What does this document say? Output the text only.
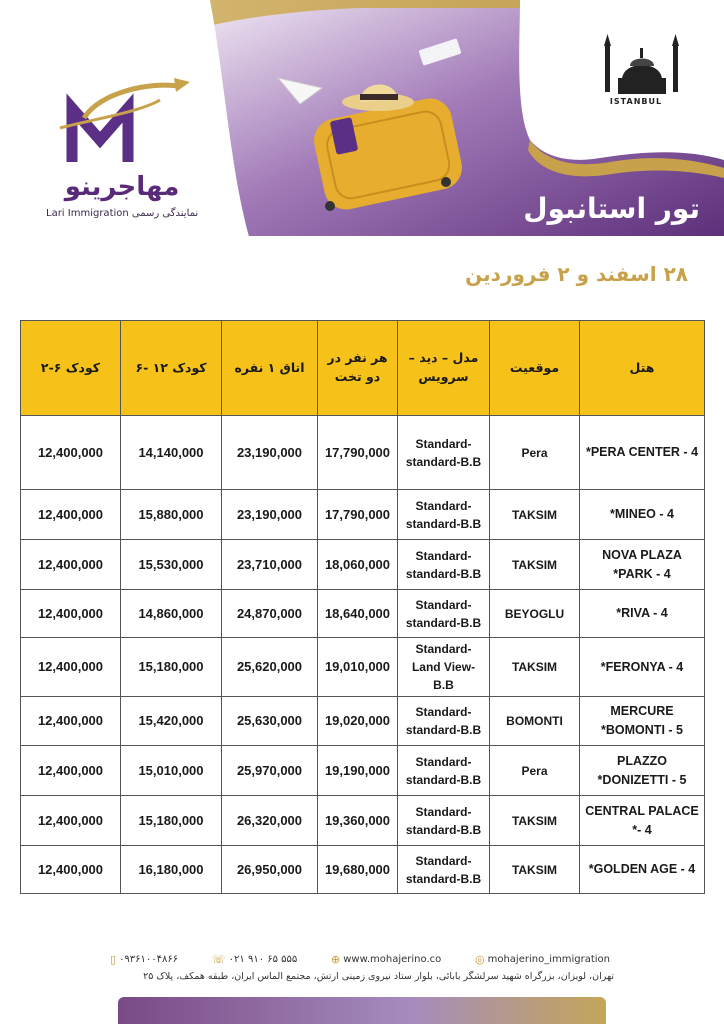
مهاجرینو
Lari Immigration نمایندگی رسمی
ISTANBUL
تور استانبول
۲۸ اسفند و ۲ فروردین
هتل	موقعیت	مدل – دید – سرویس	هر نفر در دو تخت	اتاق ۱ نفره	کودک ۱۲ -۶	کودک ۶-۲
PERA CENTER - 4*	Pera	Standard-standard-B.B	17,790,000	23,190,000	14,140,000	12,400,000
MINEO - 4*	TAKSIM	Standard-standard-B.B	17,790,000	23,190,000	15,880,000	12,400,000
NOVA PLAZA PARK - 4*	TAKSIM	Standard-standard-B.B	18,060,000	23,710,000	15,530,000	12,400,000
RIVA - 4*	BEYOGLU	Standard-standard-B.B	18,640,000	24,870,000	14,860,000	12,400,000
FERONYA - 4*	TAKSIM	Standard-Land View-B.B	19,010,000	25,620,000	15,180,000	12,400,000
MERCURE BOMONTI - 5*	BOMONTI	Standard-standard-B.B	19,020,000	25,630,000	15,420,000	12,400,000
PLAZZO DONIZETTI - 5*	Pera	Standard-standard-B.B	19,190,000	25,970,000	15,010,000	12,400,000
CENTRAL PALACE - 4*	TAKSIM	Standard-standard-B.B	19,360,000	26,320,000	15,180,000	12,400,000
GOLDEN AGE - 4*	TAKSIM	Standard-standard-B.B	19,680,000	26,950,000	16,180,000	12,400,000
▯ ۰۹۳۶۱۰۰۴۸۶۶	☏ ۰۲۱ ۹۱۰ ۶۵ ۵۵۵	⊕ www.mohajerino.co	◎ mohajerino_immigration
تهران، لویزان، بزرگراه شهید سرلشگر بابائی، بلوار ستاد نیروی زمینی ارتش، مجتمع الماس ایران، طبقه همکف، پلاک ۲۵
